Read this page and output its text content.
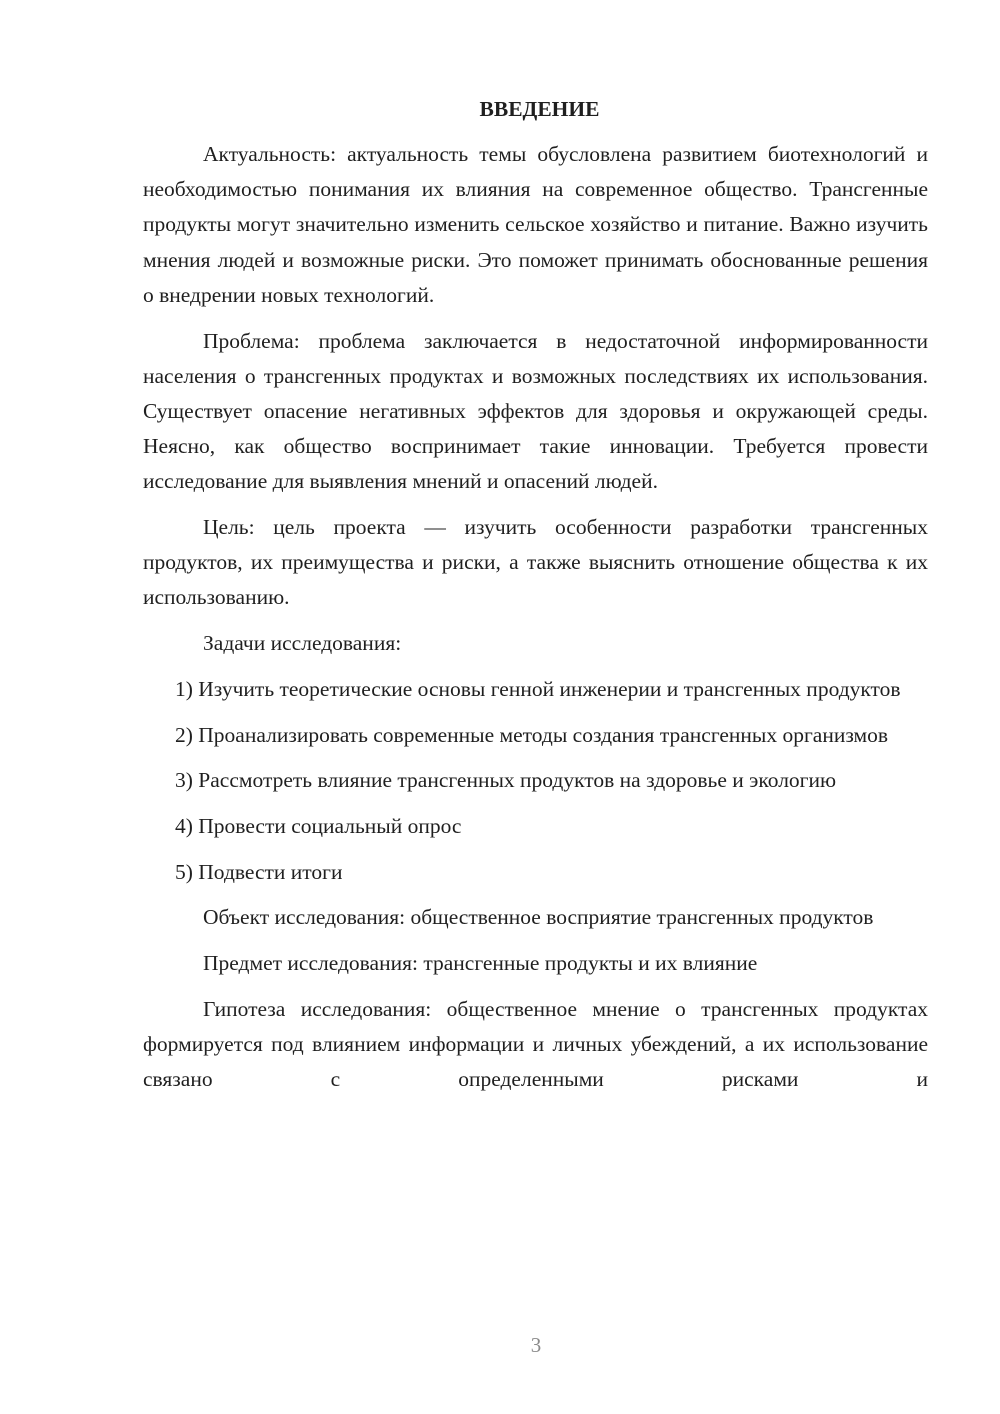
ВВЕДЕНИЕ

Актуальность: актуальность темы обусловлена развитием биотехнологий и необходимостью понимания их влияния на современное общество. Трансгенные продукты могут значительно изменить сельское хозяйство и питание. Важно изучить мнения людей и возможные риски. Это поможет принимать обоснованные решения о внедрении новых технологий.

Проблема: проблема заключается в недостаточной информированности населения о трансгенных продуктах и возможных последствиях их использования. Существует опасение негативных эффектов для здоровья и окружающей среды. Неясно, как общество воспринимает такие инновации. Требуется провести исследование для выявления мнений и опасений людей.

Цель: цель проекта — изучить особенности разработки трансгенных продуктов, их преимущества и риски, а также выяснить отношение общества к их использованию.

Задачи исследования:

1) Изучить теоретические основы генной инженерии и трансгенных продуктов

2) Проанализировать современные методы создания трансгенных организмов

3) Рассмотреть влияние трансгенных продуктов на здоровье и экологию

4) Провести социальный опрос

5) Подвести итоги

Объект исследования: общественное восприятие трансгенных продуктов

Предмет исследования: трансгенные продукты и их влияние

Гипотеза исследования: общественное мнение о трансгенных продуктах формируется под влиянием информации и личных убеждений, а их использование связано с определенными рисками и

3
